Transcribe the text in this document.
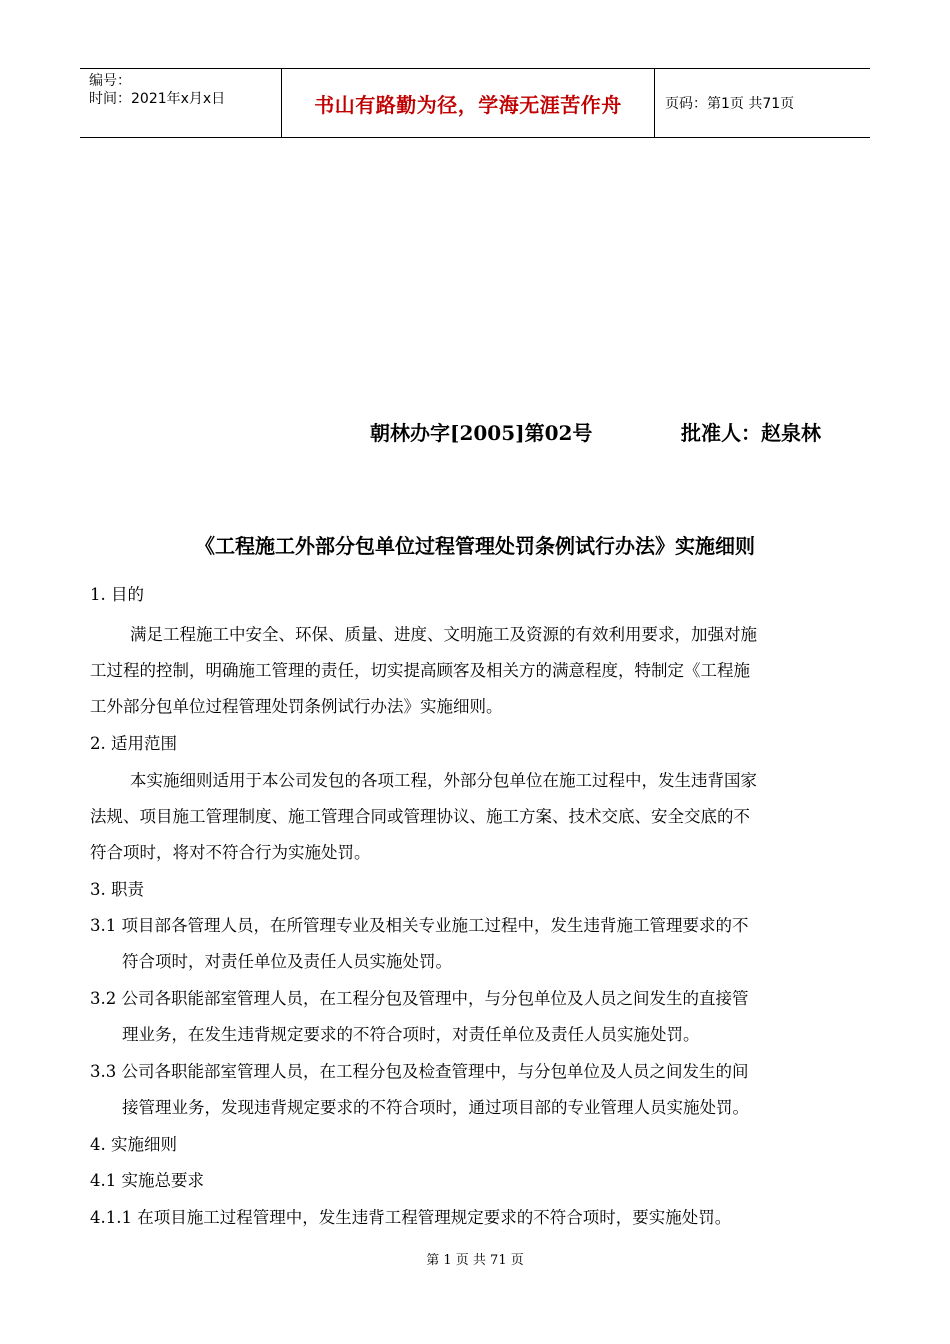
编号：
时间：2021年x月x日	书山有路勤为径，学海无涯苦作舟	页码：第1页 共71页
朝林办字[2005]第02号	批准人：赵泉林
《工程施工外部分包单位过程管理处罚条例试行办法》实施细则
1. 目的
满足工程施工中安全、环保、质量、进度、文明施工及资源的有效利用要求，加强对施
工过程的控制，明确施工管理的责任，切实提高顾客及相关方的满意程度，特制定《工程施
工外部分包单位过程管理处罚条例试行办法》实施细则。
2. 适用范围
本实施细则适用于本公司发包的各项工程，外部分包单位在施工过程中，发生违背国家
法规、项目施工管理制度、施工管理合同或管理协议、施工方案、技术交底、安全交底的不
符合项时，将对不符合行为实施处罚。
3. 职责
3.1 项目部各管理人员，在所管理专业及相关专业施工过程中，发生违背施工管理要求的不
符合项时，对责任单位及责任人员实施处罚。
3.2 公司各职能部室管理人员，在工程分包及管理中，与分包单位及人员之间发生的直接管
理业务，在发生违背规定要求的不符合项时，对责任单位及责任人员实施处罚。
3.3 公司各职能部室管理人员，在工程分包及检查管理中，与分包单位及人员之间发生的间
接管理业务，发现违背规定要求的不符合项时，通过项目部的专业管理人员实施处罚。
4. 实施细则
4.1 实施总要求
4.1.1 在项目施工过程管理中，发生违背工程管理规定要求的不符合项时，要实施处罚。
第 1 页 共 71 页
